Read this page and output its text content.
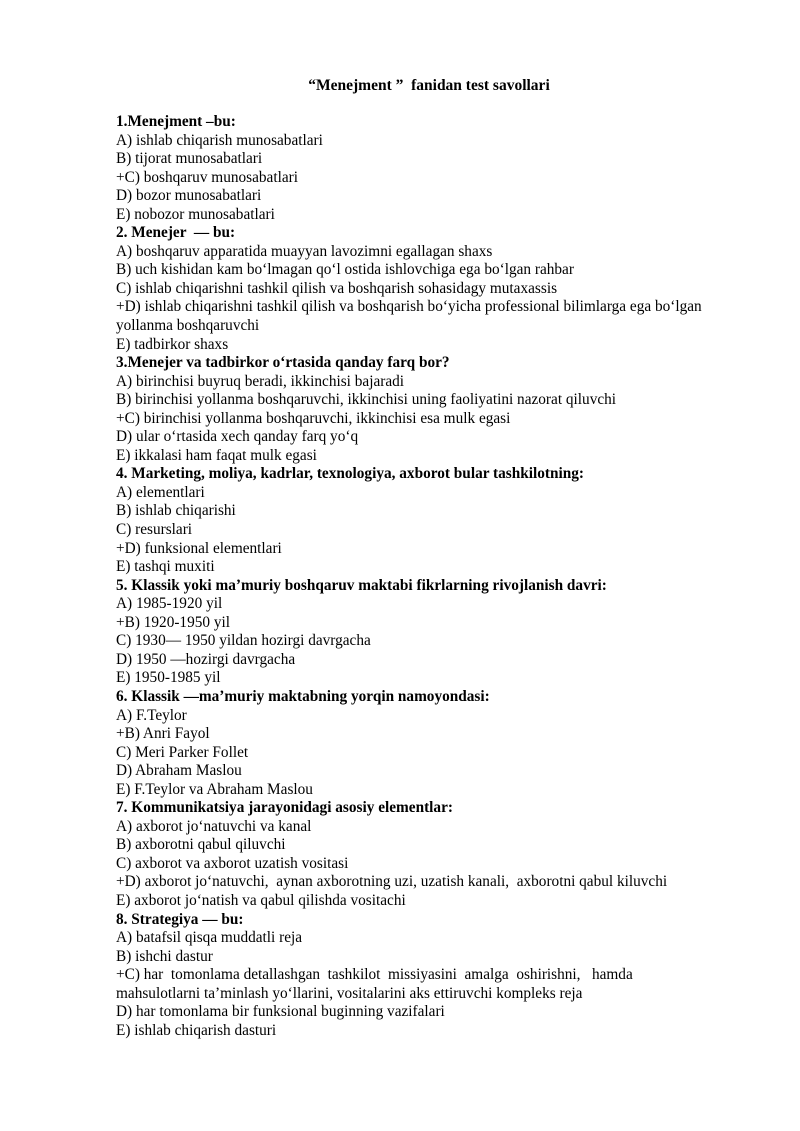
“Menejment ”  fanidan test savollari
1.Menejment –bu:
A) ishlab chiqarish munosabatlari
B) tijorat munosabatlari
+C) boshqaruv munosabatlari
D) bozor munosabatlari
E) nobozor munosabatlari
2. Menejer  — bu:
A) boshqaruv apparatida muayyan lavozimni egallagan shaxs
B) uch kishidan kam bo‘lmagan qo‘l ostida ishlovchiga ega bo‘lgan rahbar
C) ishlab chiqarishni tashkil qilish va boshqarish sohasidagy mutaxassis
+D) ishlab chiqarishni tashkil qilish va boshqarish bo‘yicha professional bilimlarga ega bo‘lgan
yollanma boshqaruvchi
E) tadbirkor shaxs
3.Menejer va tadbirkor o‘rtasida qanday farq bor?
A) birinchisi buyruq beradi, ikkinchisi bajaradi
B) birinchisi yollanma boshqaruvchi, ikkinchisi uning faoliyatini nazorat qiluvchi
+C) birinchisi yollanma boshqaruvchi, ikkinchisi esa mulk egasi
D) ular o‘rtasida xech qanday farq yo‘q
E) ikkalasi ham faqat mulk egasi
4. Marketing, moliya, kadrlar, texnologiya, axborot bular tashkilotning:
A) elementlari
B) ishlab chiqarishi
C) resurslari
+D) funksional elementlari
E) tashqi muxiti
5. Klassik yoki ma’muriy boshqaruv maktabi fikrlarning rivojlanish davri:
A) 1985-1920 yil
+B) 1920-1950 yil
C) 1930— 1950 yildan hozirgi davrgacha
D) 1950 —hozirgi davrgacha
E) 1950-1985 yil
6. Klassik —ma’muriy maktabning yorqin namoyondasi:
A) F.Teylor
+B) Anri Fayol
C) Meri Parker Follet
D) Abraham Maslou
E) F.Teylor va Abraham Maslou
7. Kommunikatsiya jarayonidagi asosiy elementlar:
A) axborot jo‘natuvchi va kanal
B) axborotni qabul qiluvchi
C) axborot va axborot uzatish vositasi
+D) axborot jo‘natuvchi,  aynan axborotning uzi, uzatish kanali,  axborotni qabul kiluvchi
E) axborot jo‘natish va qabul qilishda vositachi
8. Strategiya — bu:
A) batafsil qisqa muddatli reja
B) ishchi dastur
+C) har  tomonlama detallashgan  tashkilot  missiyasini  amalga  oshirishni,   hamda
mahsulotlarni ta’minlash yo‘llarini, vositalarini aks ettiruvchi kompleks reja
D) har tomonlama bir funksional buginning vazifalari
E) ishlab chiqarish dasturi
